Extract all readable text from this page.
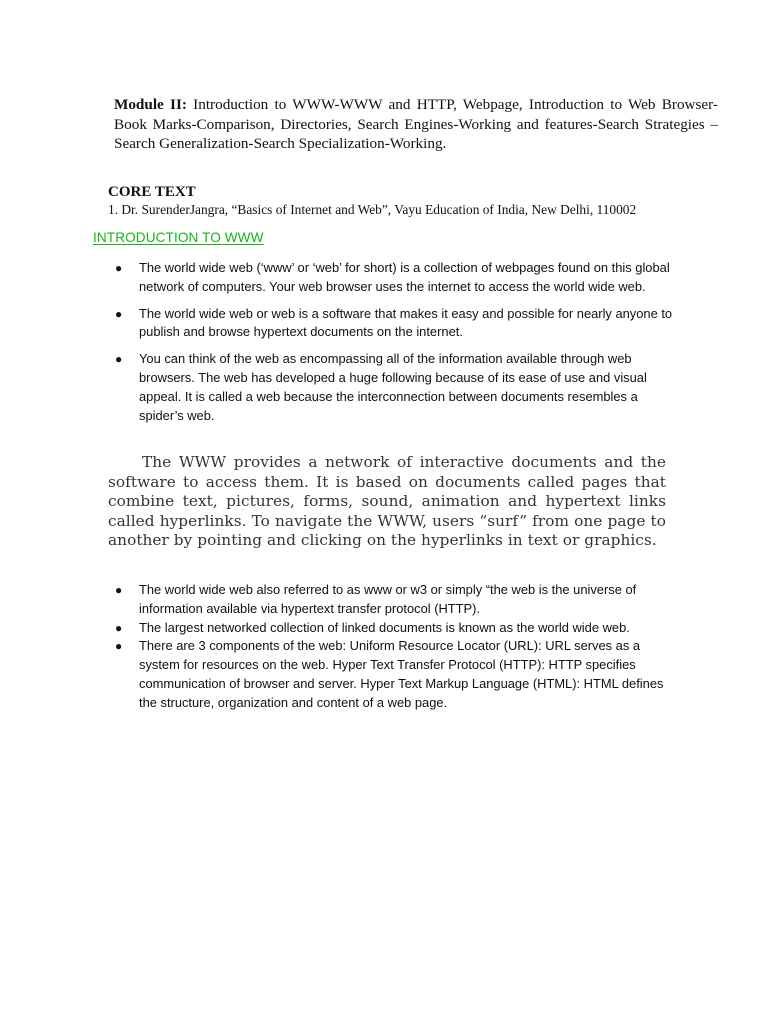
Module II: Introduction to WWW-WWW and HTTP, Webpage, Introduction to Web Browser-Book Marks-Comparison, Directories, Search Engines-Working and features-Search Strategies – Search Generalization-Search Specialization-Working.

CORE TEXT

1. Dr. SurenderJangra, “Basics of Internet and Web”, Vayu Education of India, New Delhi, 110002

INTRODUCTION TO WWW

● The world wide web (‘www’ or ‘web’ for short) is a collection of webpages found on this global network of computers. Your web browser uses the internet to access the world wide web.
● The world wide web or web is a software that makes it easy and possible for nearly anyone to publish and browse hypertext documents on the internet.
● You can think of the web as encompassing all of the information available through web browsers. The web has developed a huge following because of its ease of use and visual appeal. It is called a web because the interconnection between documents resembles a spider’s web.

The WWW provides a network of interactive documents and the software to access them. It is based on documents called pages that combine text, pictures, forms, sound, animation and hypertext links called hyperlinks. To navigate the WWW, users “surf” from one page to another by pointing and clicking on the hyperlinks in text or graphics.

● The world wide web also referred to as www or w3 or simply “the web is the universe of information available via hypertext transfer protocol (HTTP).
● The largest networked collection of linked documents is known as the world wide web.
● There are 3 components of the web: Uniform Resource Locator (URL): URL serves as a system for resources on the web. Hyper Text Transfer Protocol (HTTP): HTTP specifies communication of browser and server. Hyper Text Markup Language (HTML): HTML defines the structure, organization and content of a web page.
